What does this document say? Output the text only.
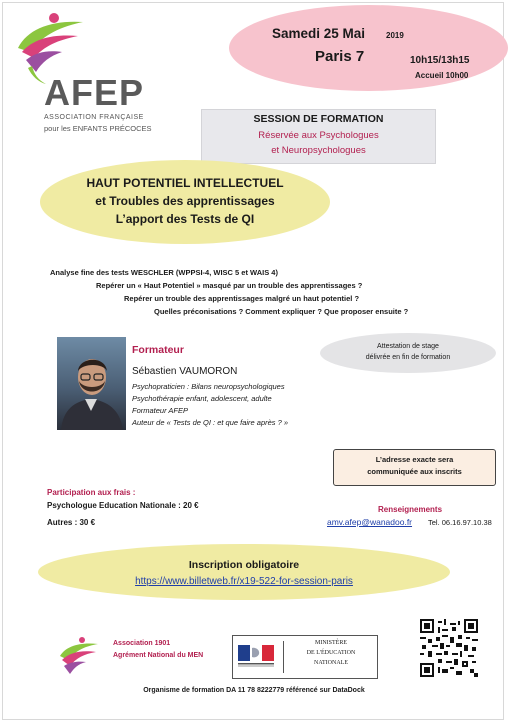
AFEP
ASSOCIATION FRANÇAISE
pour les ENFANTS PRÉCOCES
Samedi 25 Mai	2019
Paris 7	10h15/13h15
Accueil 10h00
SESSION DE FORMATION
Réservée aux Psychologues
et Neuropsychologues
HAUT POTENTIEL INTELLECTUEL
et Troubles des apprentissages
L’apport des Tests de QI
Analyse fine des tests WESCHLER (WPPSI-4, WISC 5 et WAIS 4)
Repérer un « Haut Potentiel » masqué par un trouble des apprentissages ?
Repérer un trouble des apprentissages malgré un haut potentiel ?
Quelles préconisations ? Comment expliquer ? Que proposer ensuite ?
Formateur
Sébastien VAUMORON
Psychopraticien : Bilans neuropsychologiques
Psychothérapie enfant, adolescent, adulte
Formateur AFEP
Auteur de « Tests de QI : et que faire après ? »
Attestation de stage
délivrée en fin de formation
L’adresse exacte sera
communiquée aux inscrits
Participation aux frais :
Psychologue Education Nationale : 20 €
Autres : 30 €
Renseignements
amv.afep@wanadoo.fr Tel. 06.16.97.10.38
Inscription obligatoire
https://www.billetweb.fr/x19-522-for-session-paris
Association 1901
Agrément National du MEN
MINISTÈRE
DE L'ÉDUCATION
NATIONALE
Organisme de formation DA 11 78 8222779 référencé sur DataDock
